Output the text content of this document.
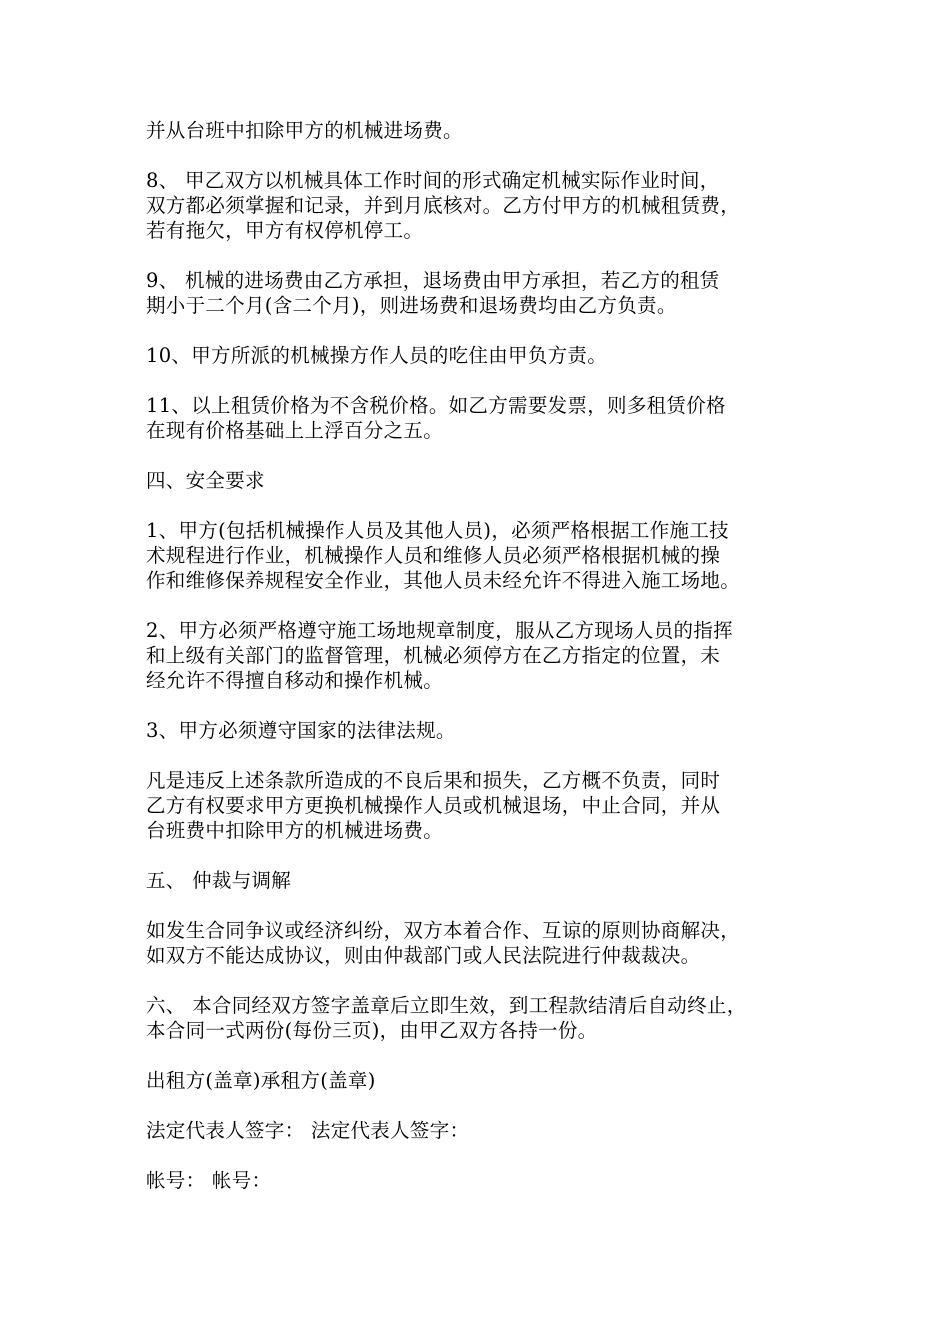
并从台班中扣除甲方的机械进场费。

8、 甲乙双方以机械具体工作时间的形式确定机械实际作业时间，
双方都必须掌握和记录，并到月底核对。乙方付甲方的机械租赁费，
若有拖欠，甲方有权停机停工。

9、 机械的进场费由乙方承担，退场费由甲方承担，若乙方的租赁
期小于二个月(含二个月)，则进场费和退场费均由乙方负责。

10、甲方所派的机械操方作人员的吃住由甲负方责。

11、以上租赁价格为不含税价格。如乙方需要发票，则多租赁价格
在现有价格基础上上浮百分之五。

四、安全要求

1、甲方(包括机械操作人员及其他人员)，必须严格根据工作施工技
术规程进行作业，机械操作人员和维修人员必须严格根据机械的操
作和维修保养规程安全作业，其他人员未经允许不得进入施工场地。

2、甲方必须严格遵守施工场地规章制度，服从乙方现场人员的指挥
和上级有关部门的监督管理，机械必须停方在乙方指定的位置，未
经允许不得擅自移动和操作机械。

3、甲方必须遵守国家的法律法规。

凡是违反上述条款所造成的不良后果和损失，乙方概不负责，同时
乙方有权要求甲方更换机械操作人员或机械退场，中止合同，并从
台班费中扣除甲方的机械进场费。

五、 仲裁与调解

如发生合同争议或经济纠纷，双方本着合作、互谅的原则协商解决，
如双方不能达成协议，则由仲裁部门或人民法院进行仲裁裁决。

六、 本合同经双方签字盖章后立即生效，到工程款结清后自动终止，
本合同一式两份(每份三页)，由甲乙双方各持一份。

出租方(盖章)承租方(盖章)

法定代表人签字： 法定代表人签字：

帐号： 帐号：
